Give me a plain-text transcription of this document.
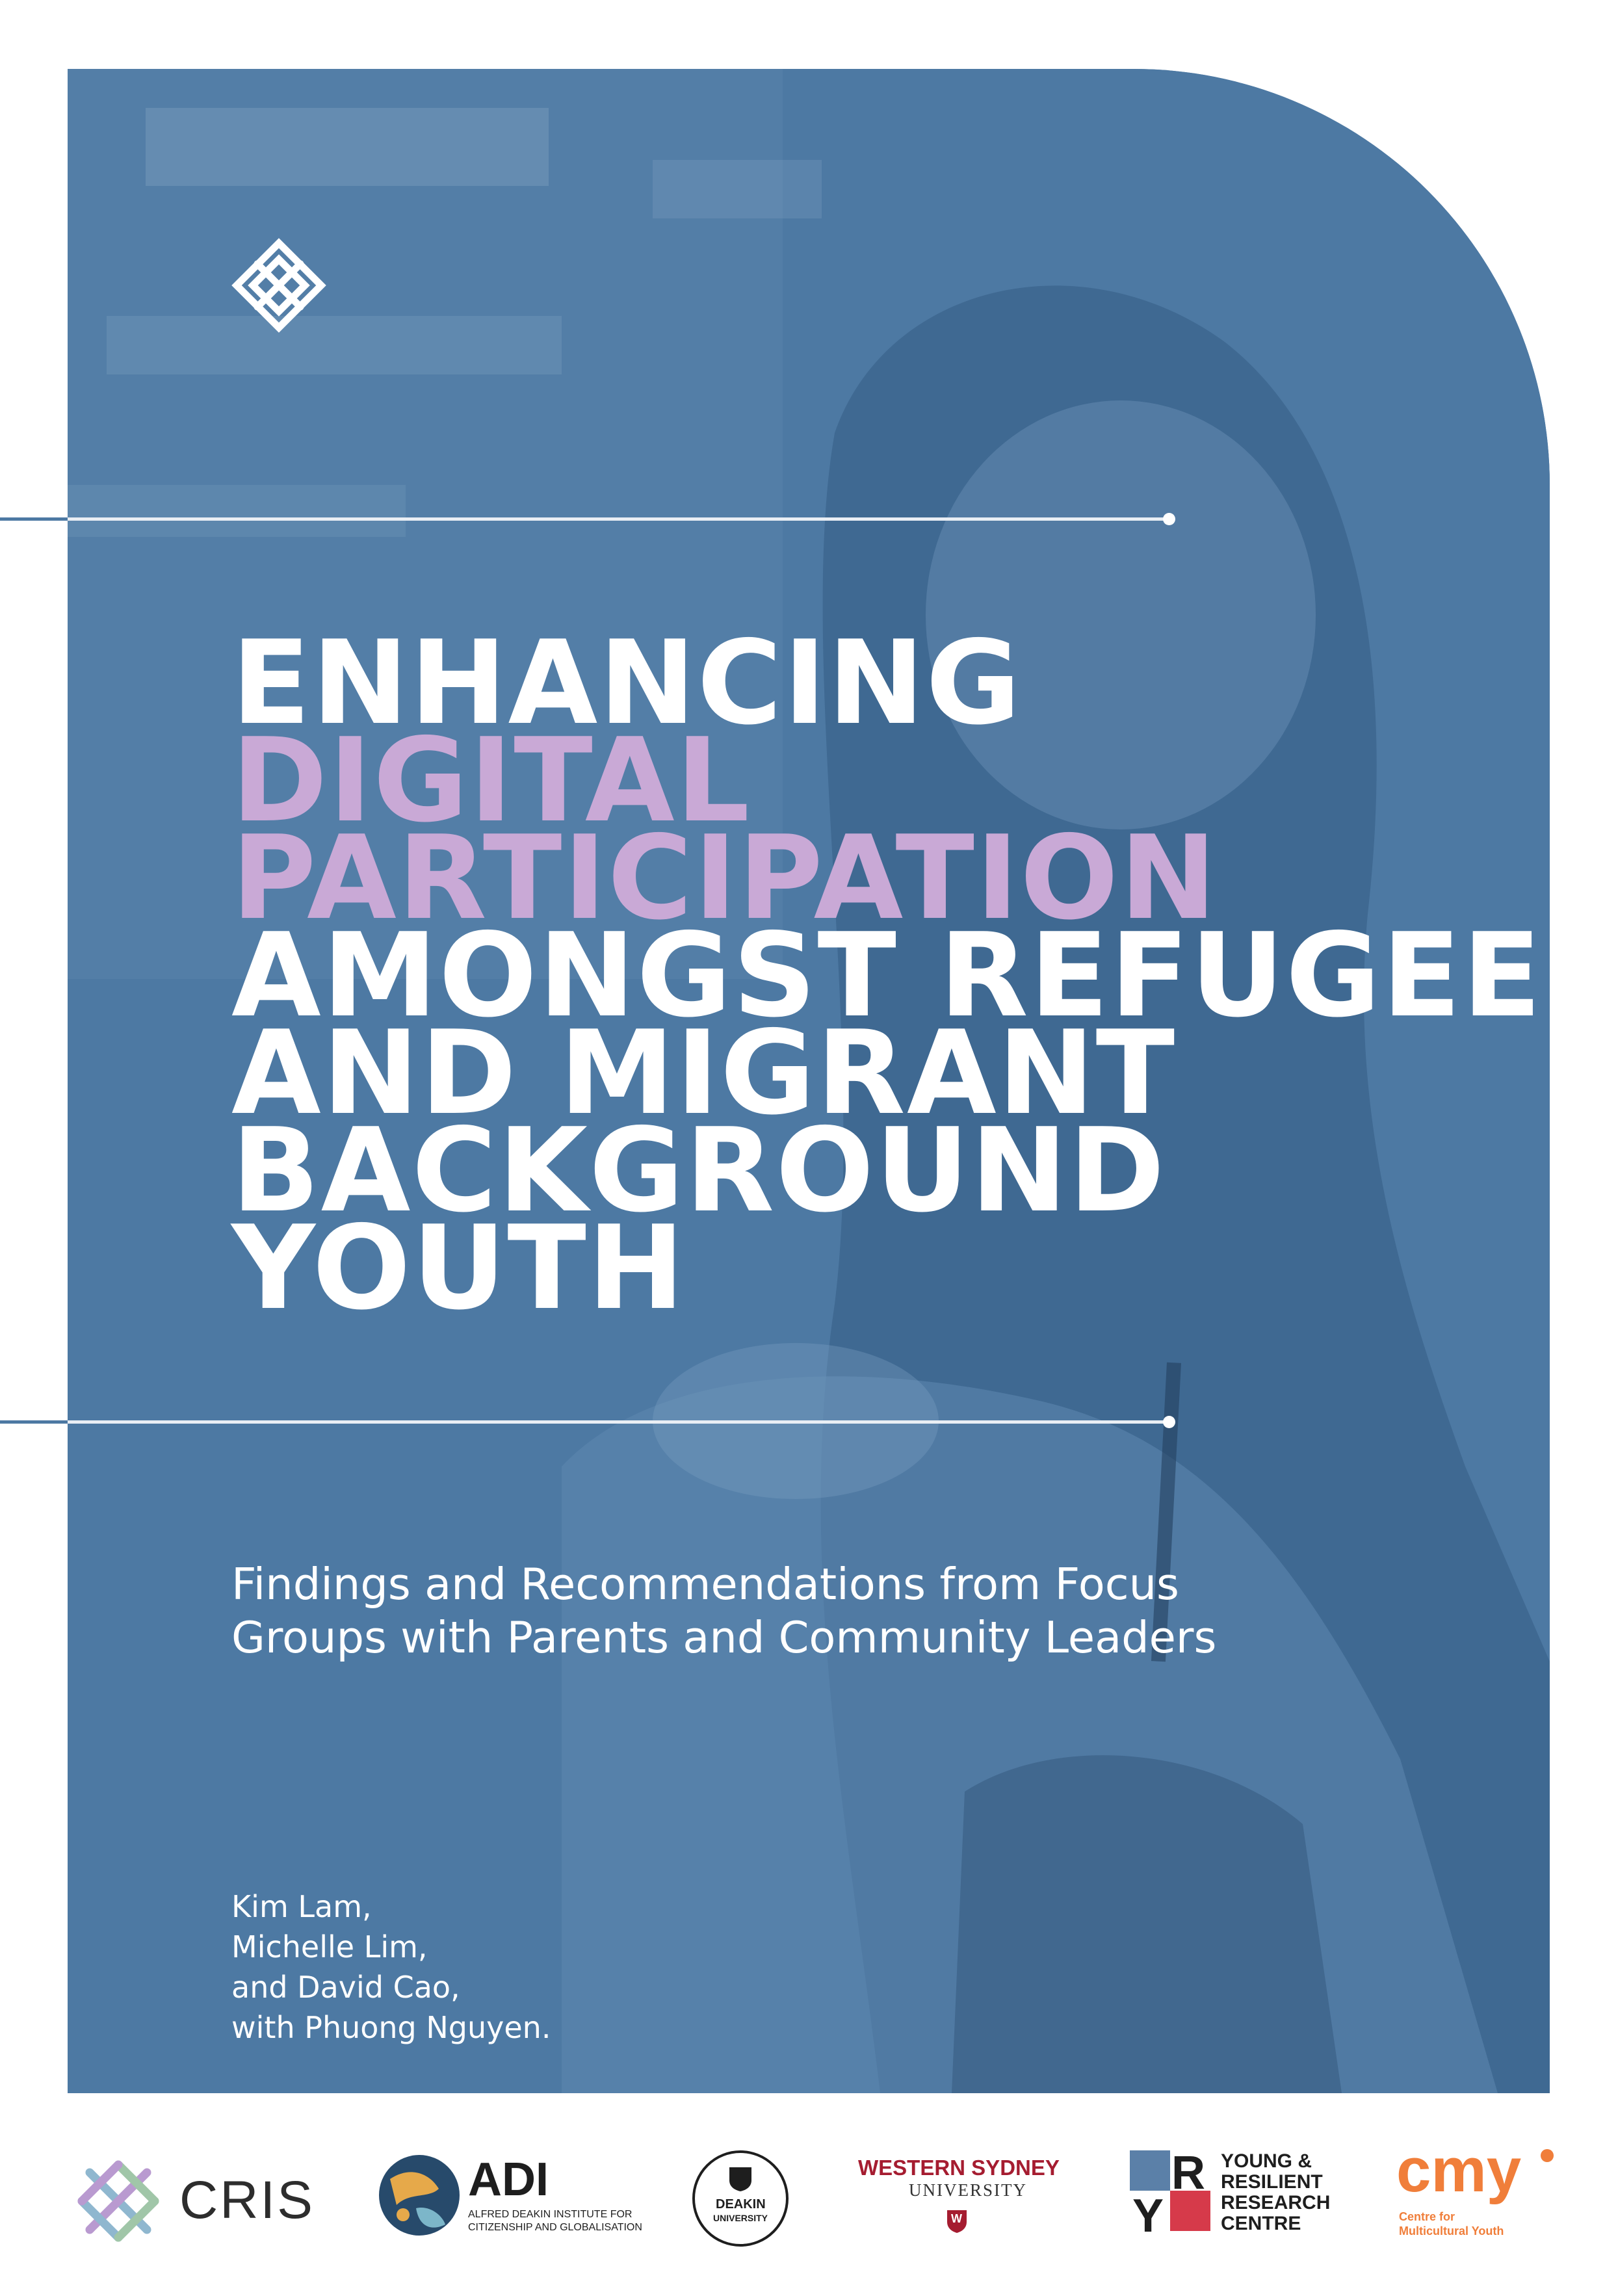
ENHANCING
DIGITAL
PARTICIPATION
AMONGST REFUGEE
AND MIGRANT
BACKGROUND
YOUTH
Findings and Recommendations from Focus
Groups with Parents and Community Leaders
Kim Lam,
Michelle Lim,
and David Cao,
with Phuong Nguyen.
CRIS	ADI
ALFRED DEAKIN INSTITUTE FOR
CITIZENSHIP AND GLOBALISATION
DEAKIN
UNIVERSITY
WESTERN SYDNEY
UNIVERSITY
W
R
Y
YOUNG &
RESILIENT
RESEARCH
CENTRE
cmy
Centre for
Multicultural Youth
